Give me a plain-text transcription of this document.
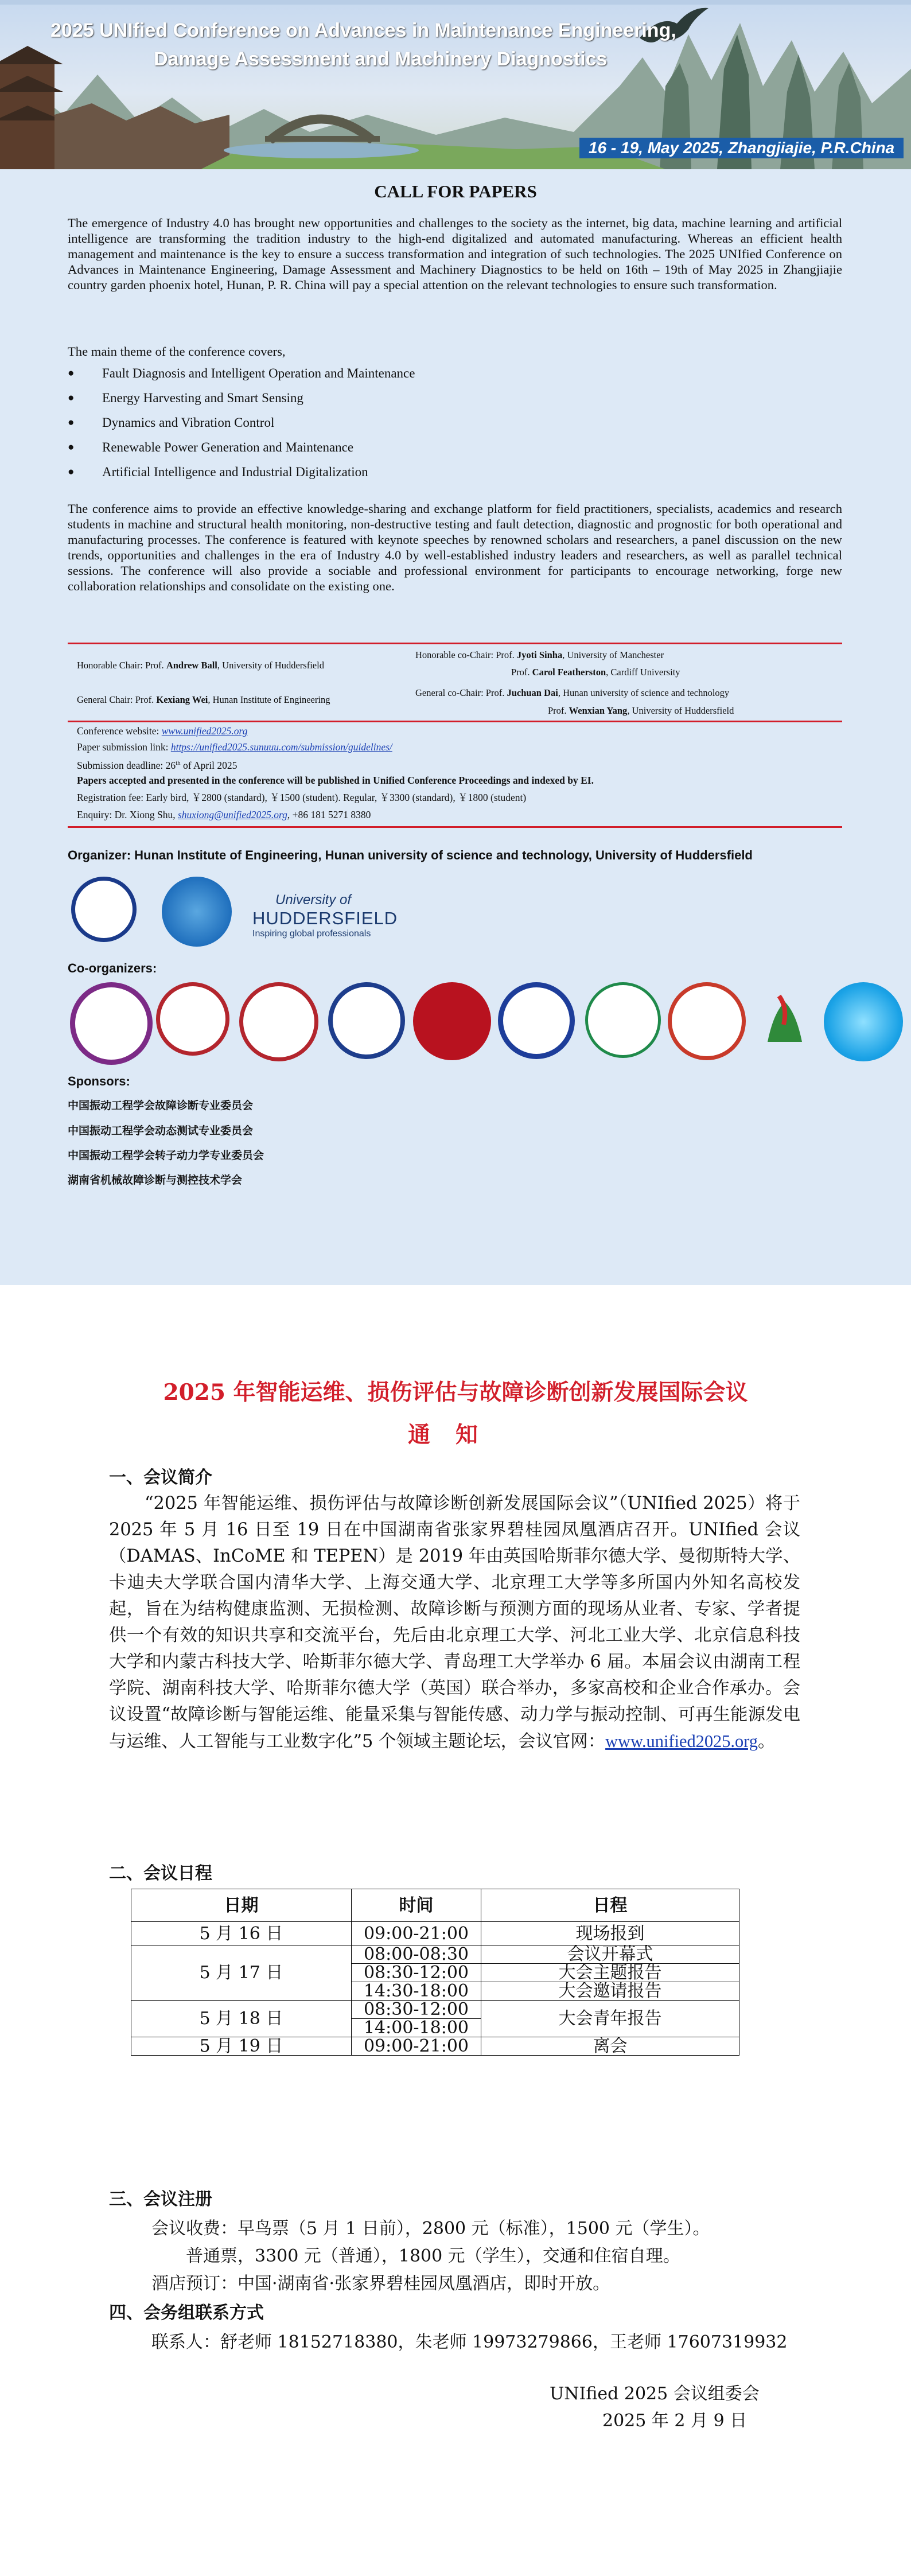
2025 UNIfied Conference on Advances in Maintenance Engineering,
Damage Assessment and Machinery Diagnostics
16 - 19, May 2025, Zhangjiajie, P.R.China
CALL FOR PAPERS
The emergence of Industry 4.0 has brought new opportunities and challenges to the society as the internet, big data, machine learning and artificial intelligence are transforming the tradition industry to the high-end digitalized and automated manufacturing. Whereas an efficient health management and maintenance is the key to ensure a success transformation and integration of such technologies. The 2025 UNIfied Conference on Advances in Maintenance Engineering, Damage Assessment and Machinery Diagnostics to be held on 16th – 19th of May 2025 in Zhangjiajie country garden phoenix hotel, Hunan, P. R. China will pay a special attention on the relevant technologies to ensure such transformation.
The main theme of the conference covers,
● Fault Diagnosis and Intelligent Operation and Maintenance
● Energy Harvesting and Smart Sensing
● Dynamics and Vibration Control
● Renewable Power Generation and Maintenance
● Artificial Intelligence and Industrial Digitalization
The conference aims to provide an effective knowledge-sharing and exchange platform for field practitioners, specialists, academics and research students in machine and structural health monitoring, non-destructive testing and fault detection, diagnostic and prognostic for both operational and manufacturing processes. The conference is featured with keynote speeches by renowned scholars and researchers, a panel discussion on the new trends, opportunities and challenges in the era of Industry 4.0 by well-established industry leaders and researchers, as well as parallel technical sessions. The conference will also provide a sociable and professional environment for participants to encourage networking, forge new collaboration relationships and consolidate on the existing one.
Honorable Chair: Prof. Andrew Ball, University of Huddersfield
General Chair: Prof. Kexiang Wei, Hunan Institute of Engineering
Honorable co-Chair: Prof. Jyoti Sinha, University of Manchester
Prof. Carol Featherston, Cardiff University
General co-Chair: Prof. Juchuan Dai, Hunan university of science and technology
Prof. Wenxian Yang, University of Huddersfield
Conference website: www.unified2025.org
Paper submission link: https://unified2025.sunuuu.com/submission/guidelines/
Submission deadline: 26th of April 2025
Papers accepted and presented in the conference will be published in Unified Conference Proceedings and indexed by EI.
Registration fee: Early bird, ￥2800 (standard), ￥1500 (student). Regular, ￥3300 (standard), ￥1800 (student)
Enquiry: Dr. Xiong Shu, shuxiong@unified2025.org, +86 181 5271 8380
Organizer: Hunan Institute of Engineering, Hunan university of science and technology, University of Huddersfield
University of
HUDDERSFIELD
Inspiring global professionals
Co-organizers:
Sponsors:
中国振动工程学会故障诊断专业委员会
中国振动工程学会动态测试专业委员会
中国振动工程学会转子动力学专业委员会
湖南省机械故障诊断与测控技术学会
2025 年智能运维、损伤评估与故障诊断创新发展国际会议
通知
一、会议简介
“2025 年智能运维、损伤评估与故障诊断创新发展国际会议”（UNIfied 2025）将于 2025 年 5 月 16 日至 19 日在中国湖南省张家界碧桂园凤凰酒店召开。UNIfied 会议（DAMAS、InCoME 和 TEPEN）是 2019 年由英国哈斯菲尔德大学、曼彻斯特大学、卡迪夫大学联合国内清华大学、上海交通大学、北京理工大学等多所国内外知名高校发起，旨在为结构健康监测、无损检测、故障诊断与预测方面的现场从业者、专家、学者提供一个有效的知识共享和交流平台，先后由北京理工大学、河北工业大学、北京信息科技大学和内蒙古科技大学、哈斯菲尔德大学、青岛理工大学举办 6 届。本届会议由湖南工程学院、湖南科技大学、哈斯菲尔德大学（英国）联合举办，多家高校和企业合作承办。会议设置“故障诊断与智能运维、能量采集与智能传感、动力学与振动控制、可再生能源发电与运维、人工智能与工业数字化”5 个领域主题论坛，会议官网：www.unified2025.org。
二、会议日程
日期	时间	日程
5 月 16 日	09:00-21:00	现场报到
5 月 17 日	08:00-08:30	会议开幕式
	08:30-12:00	大会主题报告
	14:30-18:00	大会邀请报告
5 月 18 日	08:30-12:00	大会青年报告
	14:00-18:00	
5 月 19 日	09:00-21:00	离会
三、会议注册
会议收费：早鸟票（5 月 1 日前），2800 元（标准），1500 元（学生）。
普通票，3300 元（普通），1800 元（学生），交通和住宿自理。
酒店预订：中国·湖南省·张家界碧桂园凤凰酒店，即时开放。
四、会务组联系方式
联系人：舒老师 18152718380，朱老师 19973279866，王老师 17607319932
UNIfied 2025 会议组委会
2025 年 2 月 9 日
